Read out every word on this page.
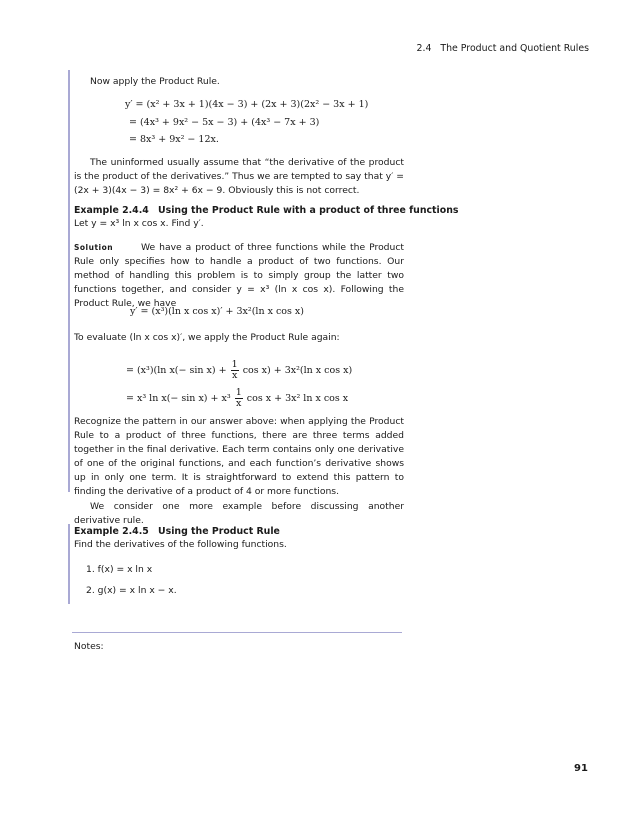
2.4 The Product and Quotient Rules
Now apply the Product Rule.
y′ = (x² + 3x + 1)(4x − 3) + (2x + 3)(2x² − 3x + 1)
= (4x³ + 9x² − 5x − 3) + (4x³ − 7x + 3)
= 8x³ + 9x² − 12x.
The uninformed usually assume that “the derivative of the product is the product of the derivatives.” Thus we are tempted to say that y′ = (2x + 3)(4x − 3) = 8x² + 6x − 9. Obviously this is not correct.
Example 2.4.4 Using the Product Rule with a product of three functions
Let y = x³ ln x cos x. Find y′.
Solution	We have a product of three functions while the Product Rule only specifies how to handle a product of two functions. Our method of handling this problem is to simply group the latter two functions together, and consider y = x³ (ln x cos x). Following the Product Rule, we have
y′ = (x³)(ln x cos x)′ + 3x²(ln x cos x)
To evaluate (ln x cos x)′, we apply the Product Rule again:
= (x³)(ln $x(- \sin x) + \frac{1}{x}$ cos x) + 3x²(ln x cos x)
= x³ $\ln x(- \sin x) + x^3 \frac{1}{x}$ cos x + 3x² ln x cos x
Recognize the pattern in our answer above: when applying the Product Rule to a product of three functions, there are three terms added together in the final derivative. Each term contains only one derivative of one of the original functions, and each function’s derivative shows up in only one term. It is straightforward to extend this pattern to finding the derivative of a product of 4 or more functions.
We consider one more example before discussing another derivative rule.
Example 2.4.5 Using the Product Rule
Find the derivatives of the following functions.
1. f(x) = x ln x
2. g(x) = x ln x − x.
Notes:
91
